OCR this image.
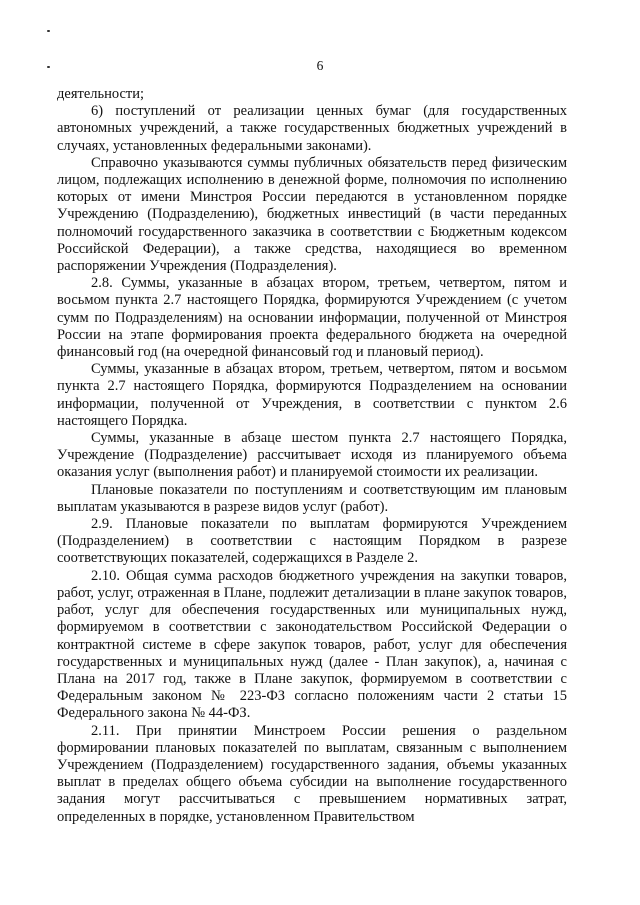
6

деятельности;

6) поступлений от реализации ценных бумаг (для государственных автономных учреждений, а также государственных бюджетных учреждений в случаях, установленных федеральными законами).

Справочно указываются суммы публичных обязательств перед физическим лицом, подлежащих исполнению в денежной форме, полномочия по исполнению которых от имени Минстроя России передаются в установленном порядке Учреждению (Подразделению), бюджетных инвестиций (в части переданных полномочий государственного заказчика в соответствии с Бюджетным кодексом Российской Федерации), а также средства, находящиеся во временном распоряжении Учреждения (Подразделения).

2.8. Суммы, указанные в абзацах втором, третьем, четвертом, пятом и восьмом пункта 2.7 настоящего Порядка, формируются Учреждением (с учетом сумм по Подразделениям) на основании информации, полученной от Минстроя России на этапе формирования проекта федерального бюджета на очередной финансовый год (на очередной финансовый год и плановый период).

Суммы, указанные в абзацах втором, третьем, четвертом, пятом и восьмом пункта 2.7 настоящего Порядка, формируются Подразделением на основании информации, полученной от Учреждения, в соответствии с пунктом 2.6 настоящего Порядка.

Суммы, указанные в абзаце шестом пункта 2.7 настоящего Порядка, Учреждение (Подразделение) рассчитывает исходя из планируемого объема оказания услуг (выполнения работ) и планируемой стоимости их реализации.

Плановые показатели по поступлениям и соответствующим им плановым выплатам указываются в разрезе видов услуг (работ).

2.9. Плановые показатели по выплатам формируются Учреждением (Подразделением) в соответствии с настоящим Порядком в разрезе соответствующих показателей, содержащихся в Разделе 2.

2.10. Общая сумма расходов бюджетного учреждения на закупки товаров, работ, услуг, отраженная в Плане, подлежит детализации в плане закупок товаров, работ, услуг для обеспечения государственных или муниципальных нужд, формируемом в соответствии с законодательством Российской Федерации о контрактной системе в сфере закупок товаров, работ, услуг для обеспечения государственных и муниципальных нужд (далее - План закупок), а, начиная с Плана на 2017 год, также в Плане закупок, формируемом в соответствии с Федеральным законом № 223-ФЗ согласно положениям части 2 статьи 15 Федерального закона № 44-ФЗ.

2.11. При принятии Минстроем России решения о раздельном формировании плановых показателей по выплатам, связанным с выполнением Учреждением (Подразделением) государственного задания, объемы указанных выплат в пределах общего объема субсидии на выполнение государственного задания могут рассчитываться с превышением нормативных затрат, определенных в порядке, установленном Правительством
